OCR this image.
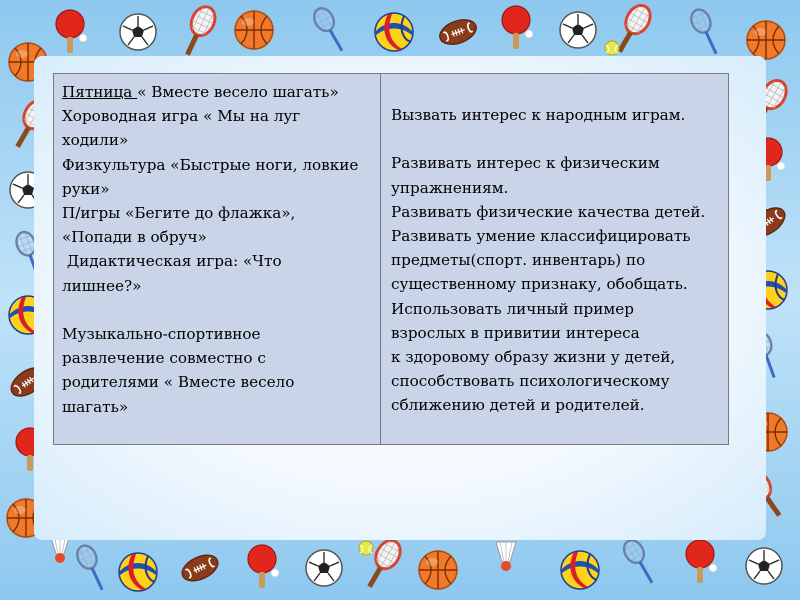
Пятница « Вместе весело шагать»
Хороводная игра « Мы на луг
ходили»
Физкультура «Быстрые ноги, ловкие
руки»
П/игры «Бегите до флажка»,
«Попади в обруч»
Дидактическая игра: «Что
лишнее?»
Музыкально-спортивное
развлечение совместно с
родителями « Вместе весело
шагать»
Вызвать интерес к народным играм.
Развивать интерес к физическим
упражнениям.
Развивать физические качества детей.
Развивать умение классифицировать
предметы(спорт. инвентарь) по
существенному признаку, обобщать.
Использовать личный пример
взрослых в привитии интереса
к здоровому образу жизни у детей,
способствовать психологическому
сближению детей и родителей.
